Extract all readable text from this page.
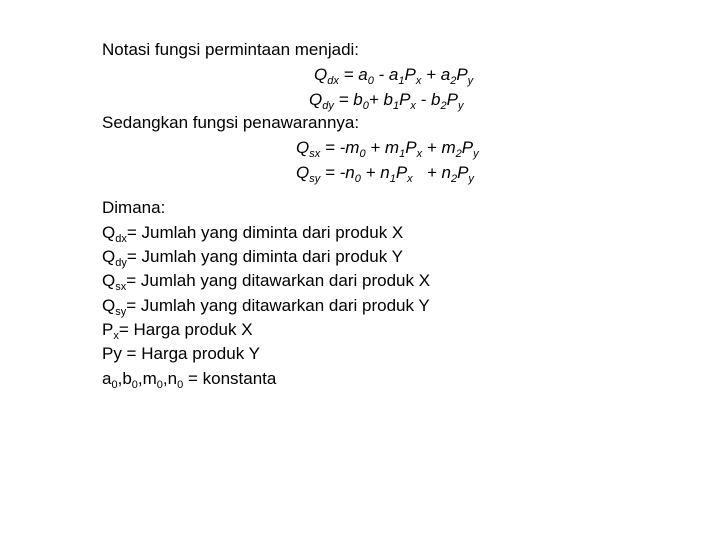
Notasi fungsi permintaan menjadi:
$Q_{dx} = a_0 - a_1P_x + a_2P_y$
$Q_{dy} = b_0+ b_1P_x - b_2P_y$
Sedangkan fungsi penawarannya:
$Q_{sx} = -m_0 + m_1P_x + m_2P_y$
$Q_{sy} = -n_0 + n_1P_x + n_2P_y$
Dimana:
$Q_{dx}=$ Jumlah yang diminta dari produk X
$Q_{dy}=$ Jumlah yang diminta dari produk Y
$Q_{sx}=$ Jumlah yang ditawarkan dari produk X
$Q_{sy}=$ Jumlah yang ditawarkan dari produk Y
$P_x=$ Harga produk X
Py = Harga produk Y
$a_0,b_0,m_0,n_0$ = konstanta
